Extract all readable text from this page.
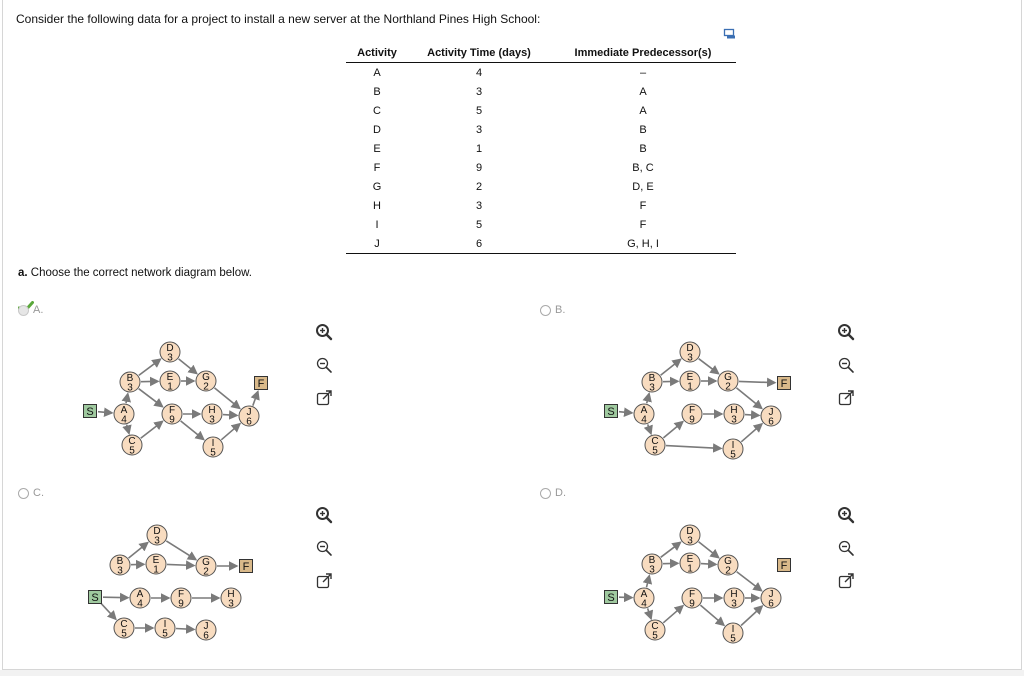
Consider the following data for a project to install a new server at the Northland Pines High School:
Activity	Activity Time (days)	Immediate Predecessor(s)
A	4	–
B	3	A
C	5	A
D	3	B
E	1	B
F	9	B, C
G	2	D, E
H	3	F
I	5	F
J	6	G, H, I
a. Choose the correct network diagram below.
A.	B.
C.	D.
S	A
4
B
3
C
5
D
3
E
1
F
9
G
2
H
3
I
5
J
6
F
S	A
4
B
3
C
5
D
3
E
1
F
9
G
2
H
3
I
5
J
6
F
S	A
4
B
3
C
5
D
3
E
1
F
9
G
2
H
3
I
5
J
6
F
S	A
4
B
3
C
5
D
3
E
1
F
9
G
2
H
3
I
5
J
6
F
